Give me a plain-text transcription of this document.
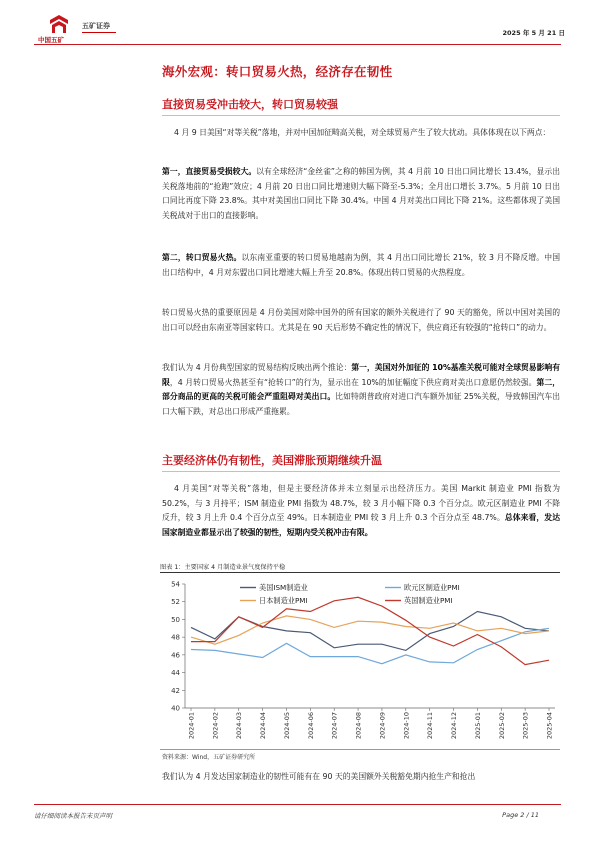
中国五矿
五矿证券
2025 年 5 月 21 日
海外宏观：转口贸易火热，经济存在韧性
直接贸易受冲击较大，转口贸易较强

4 月 9 日美国“对等关税”落地，并对中国加征畸高关税，对全球贸易产生了较大扰动。具体体现在以下两点：

第一，直接贸易受损较大。以有全球经济“金丝雀”之称的韩国为例，其 4 月前 10 日出口同比增长 13.4%，显示出关税落地前的“抢跑”效应；4 月前 20 日出口同比增速则大幅下降至-5.3%；全月出口增长 3.7%。5 月前 10 日出口同比再度下降 23.8%。其中对美国出口同比下降 30.4%。中国 4 月对美出口同比下降 21%。这些都体现了美国关税战对于出口的直接影响。

第二，转口贸易火热。以东南亚重要的转口贸易地越南为例，其 4 月出口同比增长 21%，较 3 月不降反增。中国出口结构中，4 月对东盟出口同比增速大幅上升至 20.8%。体现出转口贸易的火热程度。

转口贸易火热的重要原因是 4 月份美国对除中国外的所有国家的额外关税进行了 90 天的豁免，所以中国对美国的出口可以经由东南亚等国家转口。尤其是在 90 天后形势不确定性的情况下，供应商还有较强的“抢转口”的动力。

我们认为 4 月份典型国家的贸易结构反映出两个推论：第一，美国对外加征的 10%基准关税可能对全球贸易影响有限，4 月转口贸易火热甚至有“抢转口”的行为，显示出在 10%的加征幅度下供应商对美出口意愿仍然较强。第二，部分商品的更高的关税可能会严重阻碍对美出口。比如特朗普政府对进口汽车额外加征 25%关税，导致韩国汽车出口大幅下跌，对总出口形成严重拖累。

主要经济体仍有韧性，美国滞胀预期继续升温

4 月美国“对等关税”落地，但是主要经济体并未立刻显示出经济压力。美国 Markit 制造业 PMI 指数为 50.2%，与 3 月持平；ISM 制造业 PMI 指数为 48.7%，较 3 月小幅下降 0.3 个百分点。欧元区制造业 PMI 不降反升，较 3 月上升 0.4 个百分点至 49%。日本制造业 PMI 较 3 月上升 0.3 个百分点至 48.7%。总体来看，发达国家制造业都显示出了较强的韧性，短期内受关税冲击有限。

图表 1：主要国家 4 月制造业景气度保持平稳
40
42
44
46
48
50
52
54
2024-01 2024-02 2024-03 2024-04 2024-05 2024-06 2024-07 2024-08 2024-09 2024-10 2024-11 2024-12 2025-01 2025-02 2025-03 2025-04
美国ISM制造业	欧元区制造业PMI
日本制造业PMI	英国制造业PMI
资料来源：Wind，五矿证券研究所

我们认为 4 月发达国家制造业的韧性可能有在 90 天的美国额外关税豁免期内抢生产和抢出

请仔细阅读本报告末页声明	Page 2 / 11
